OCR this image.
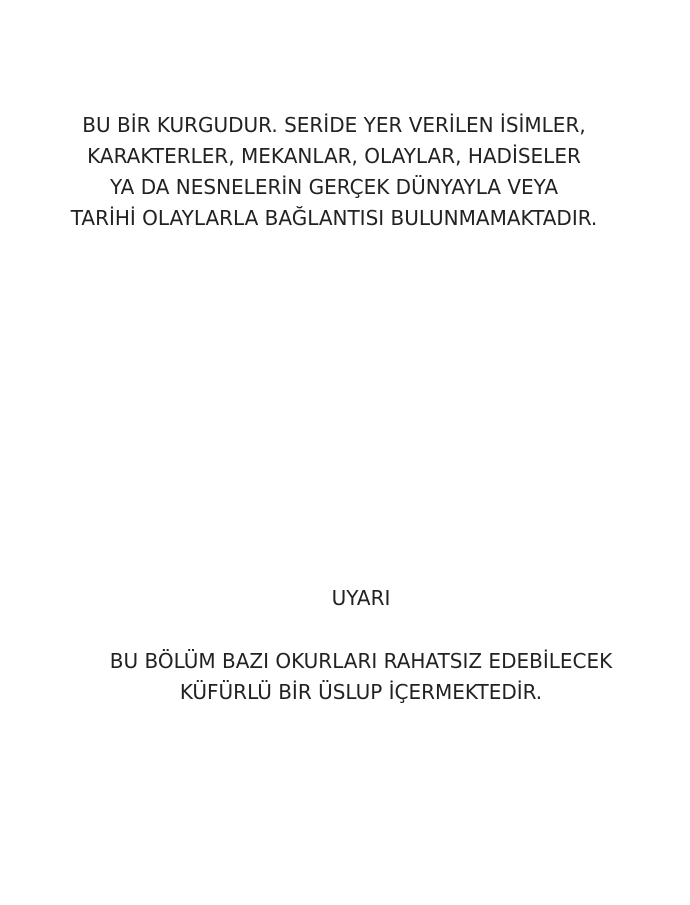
BU BİR KURGUDUR. SERİDE YER VERİLEN İSİMLER,
KARAKTERLER, MEKANLAR, OLAYLAR, HADİSELER
YA DA NESNELERİN GERÇEK DÜNYAYLA VEYA
TARİHİ OLAYLARLA BAĞLANTISI BULUNMAMAKTADIR.
UYARI
BU BÖLÜM BAZI OKURLARI RAHATSIZ EDEBİLECEK
KÜFÜRLÜ BİR ÜSLUP İÇERMEKTEDİR.
